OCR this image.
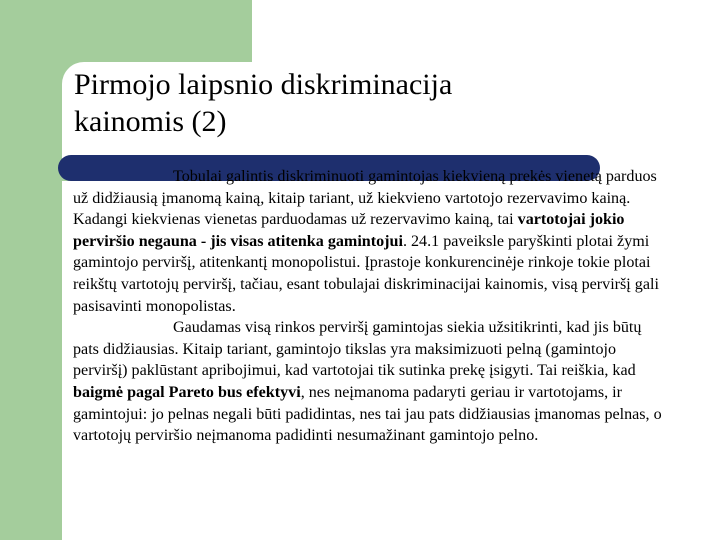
Pirmojo laipsnio diskriminacija
kainomis (2)

Tobulai galintis diskriminuoti gamintojas kiekvieną prekės vienetą parduos už didžiausią įmanomą kainą, kitaip tariant, už kiekvieno vartotojo rezervavimo kainą. Kadangi kiekvienas vienetas parduodamas už rezervavimo kainą, tai vartotojai jokio perviršio negauna - jis visas atitenka gamintojui. 24.1 paveiksle paryškinti plotai žymi gamintojo perviršį, atitenkantį monopolistui. Įprastoje konkurencinėje rinkoje tokie plotai reikštų vartotojų perviršį, tačiau, esant tobulajai diskriminacijai kainomis, visą perviršį gali pasisavinti monopolistas.

Gaudamas visą rinkos perviršį gamintojas siekia užsitikrinti, kad jis būtų pats didžiausias. Kitaip tariant, gamintojo tikslas yra maksimizuoti pelną (gamintojo perviršį) paklūstant apribojimui, kad vartotojai tik sutinka prekę įsigyti. Tai reiškia, kad baigmė pagal Pareto bus efektyvi, nes neįmanoma padaryti geriau ir vartotojams, ir gamintojui: jo pelnas negali būti padidintas, nes tai jau pats didžiausias įmanomas pelnas, o vartotojų perviršio neįmanoma padidinti nesumažinant gamintojo pelno.
